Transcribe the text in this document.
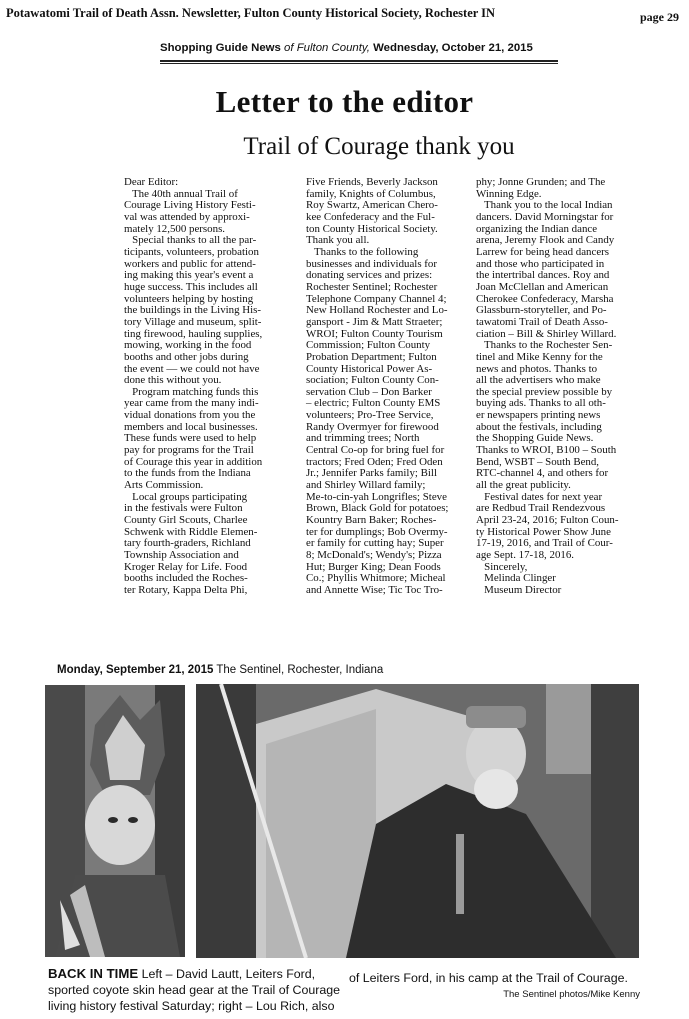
Potawatomi Trail of Death Assn. Newsletter, Fulton County Historical Society, Rochester IN	page 29
Shopping Guide News of Fulton County, Wednesday, October 21, 2015
Letter to the editor
Trail of Courage thank you
Dear Editor:
The 40th annual Trail of
Courage Living History Festi-
val was attended by approxi-
mately 12,500 persons.
Special thanks to all the par-
ticipants, volunteers, probation
workers and public for attend-
ing making this year's event a
huge success. This includes all
volunteers helping by hosting
the buildings in the Living His-
tory Village and museum, split-
ting firewood, hauling supplies,
mowing, working in the food
booths and other jobs during
the event — we could not have
done this without you.
Program matching funds this
year came from the many indi-
vidual donations from you the
members and local businesses.
These funds were used to help
pay for programs for the Trail
of Courage this year in addition
to the funds from the Indiana
Arts Commission.
Local groups participating
in the festivals were Fulton
County Girl Scouts, Charlee
Schwenk with Riddle Elemen-
tary fourth-graders, Richland
Township Association and
Kroger Relay for Life. Food
booths included the Roches-
ter Rotary, Kappa Delta Phi,
Five Friends, Beverly Jackson
family, Knights of Columbus,
Roy Swartz, American Chero-
kee Confederacy and the Ful-
ton County Historical Society.
Thank you all.
Thanks to the following
businesses and individuals for
donating services and prizes:
Rochester Sentinel; Rochester
Telephone Company Channel 4;
New Holland Rochester and Lo-
gansport - Jim & Matt Straeter;
WROI; Fulton County Tourism
Commission; Fulton County
Probation Department; Fulton
County Historical Power As-
sociation; Fulton County Con-
servation Club – Don Barker
– electric; Fulton County EMS
volunteers; Pro-Tree Service,
Randy Overmyer for firewood
and trimming trees; North
Central Co-op for bring fuel for
tractors; Fred Oden; Fred Oden
Jr.; Jennifer Parks family; Bill
and Shirley Willard family;
Me-to-cin-yah Longrifles; Steve
Brown, Black Gold for potatoes;
Kountry Barn Baker; Roches-
ter for dumplings; Bob Overmy-
er family for cutting hay; Super
8; McDonald's; Wendy's; Pizza
Hut; Burger King; Dean Foods
Co.; Phyllis Whitmore; Micheal
and Annette Wise; Tic Toc Tro-
phy; Jonne Grunden; and The
Winning Edge.
Thank you to the local Indian
dancers. David Morningstar for
organizing the Indian dance
arena, Jeremy Flook and Candy
Larrew for being head dancers
and those who participated in
the intertribal dances. Roy and
Joan McClellan and American
Cherokee Confederacy, Marsha
Glassburn-storyteller, and Po-
tawatomi Trail of Death Asso-
ciation – Bill & Shirley Willard.
Thanks to the Rochester Sen-
tinel and Mike Kenny for the
news and photos. Thanks to
all the advertisers who make
the special preview possible by
buying ads. Thanks to all oth-
er newspapers printing news
about the festivals, including
the Shopping Guide News.
Thanks to WROI, B100 – South
Bend, WSBT – South Bend,
RTC-channel 4, and others for
all the great publicity.
Festival dates for next year
are Redbud Trail Rendezvous
April 23-24, 2016; Fulton Coun-
ty Historical Power Show June
17-19, 2016, and Trail of Cour-
age Sept. 17-18, 2016.
Sincerely,
Melinda Clinger
Museum Director
Monday, September 21, 2015 The Sentinel, Rochester, Indiana
BACK IN TIME Left – David Lautt, Leiters Ford,
sported coyote skin head gear at the Trail of Courage
living history festival Saturday; right – Lou Rich, also
of Leiters Ford, in his camp at the Trail of Courage.
The Sentinel photos/Mike Kenny
